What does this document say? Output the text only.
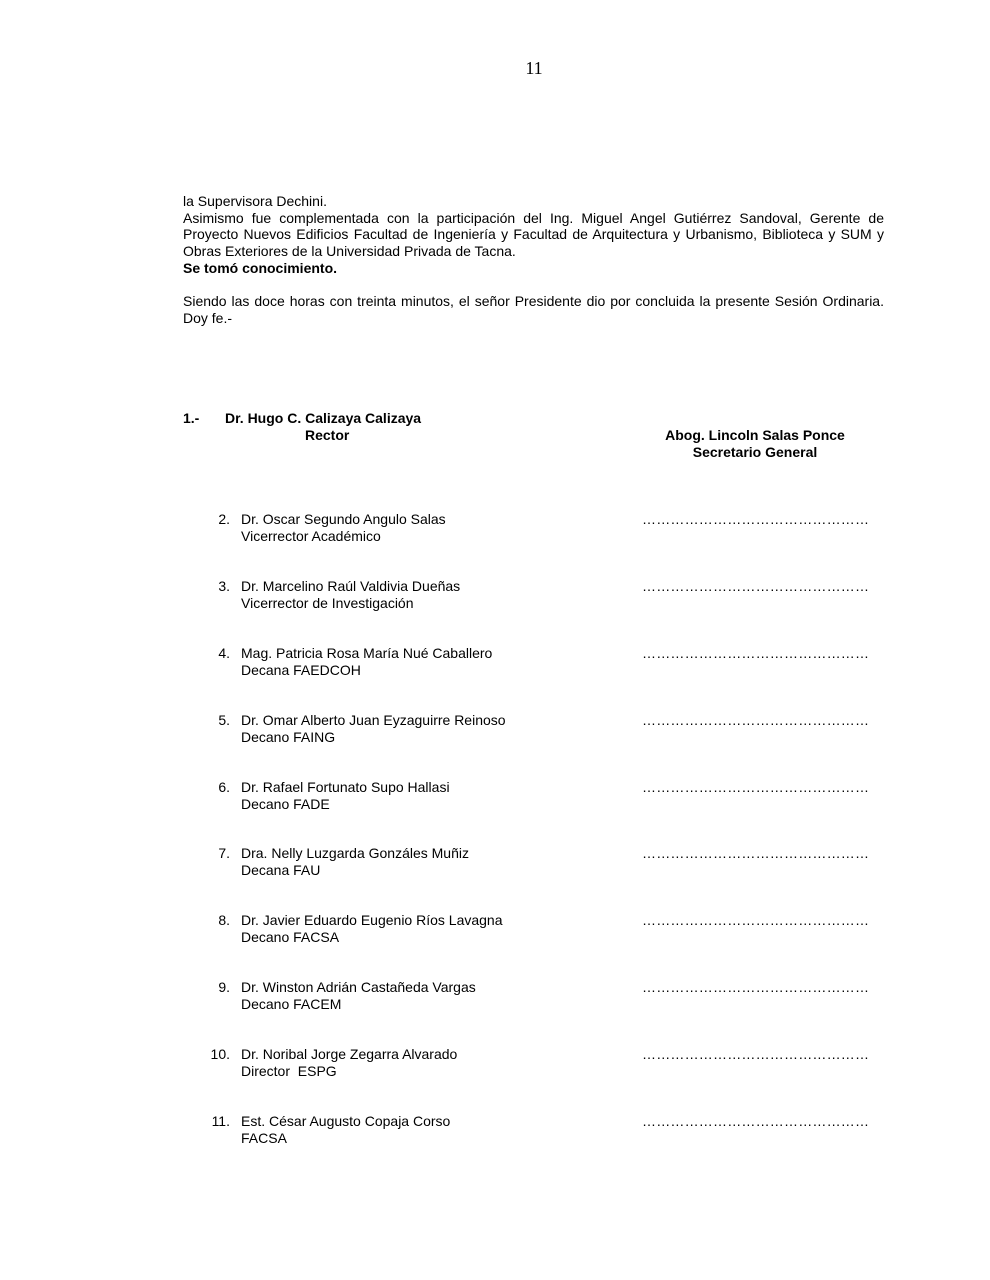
11

la Supervisora Dechini.

Asimismo fue complementada con la participación del Ing. Miguel Angel Gutiérrez Sandoval, Gerente de Proyecto Nuevos Edificios Facultad de Ingeniería y Facultad de Arquitectura y Urbanismo, Biblioteca y SUM y Obras Exteriores de la Universidad Privada de Tacna.

Se tomó conocimiento.

Siendo las doce horas con treinta minutos, el señor Presidente dio por concluida la presente Sesión Ordinaria. Doy fe.-

1.-	Dr. Hugo C. Calizaya Calizaya
Rector	Abog. Lincoln Salas Ponce
Secretario General
2. Dr. Oscar Segundo Angulo Salas
Vicerrector Académico
…………………………………………
3. Dr. Marcelino Raúl Valdivia Dueñas
Vicerrector de Investigación
…………………………………………
4. Mag. Patricia Rosa María Nué Caballero
Decana FAEDCOH
…………………………………………
5. Dr. Omar Alberto Juan Eyzaguirre Reinoso
Decano FAING
…………………………………………
6. Dr. Rafael Fortunato Supo Hallasi
Decano FADE
…………………………………………
7. Dra. Nelly Luzgarda Gonzáles Muñiz
Decana FAU
…………………………………………
8. Dr. Javier Eduardo Eugenio Ríos Lavagna
Decano FACSA
…………………………………………
9. Dr. Winston Adrián Castañeda Vargas
Decano FACEM
…………………………………………
10. Dr. Noribal Jorge Zegarra Alvarado
Director  ESPG
…………………………………………
11. Est. César Augusto Copaja Corso
FACSA
…………………………………………
